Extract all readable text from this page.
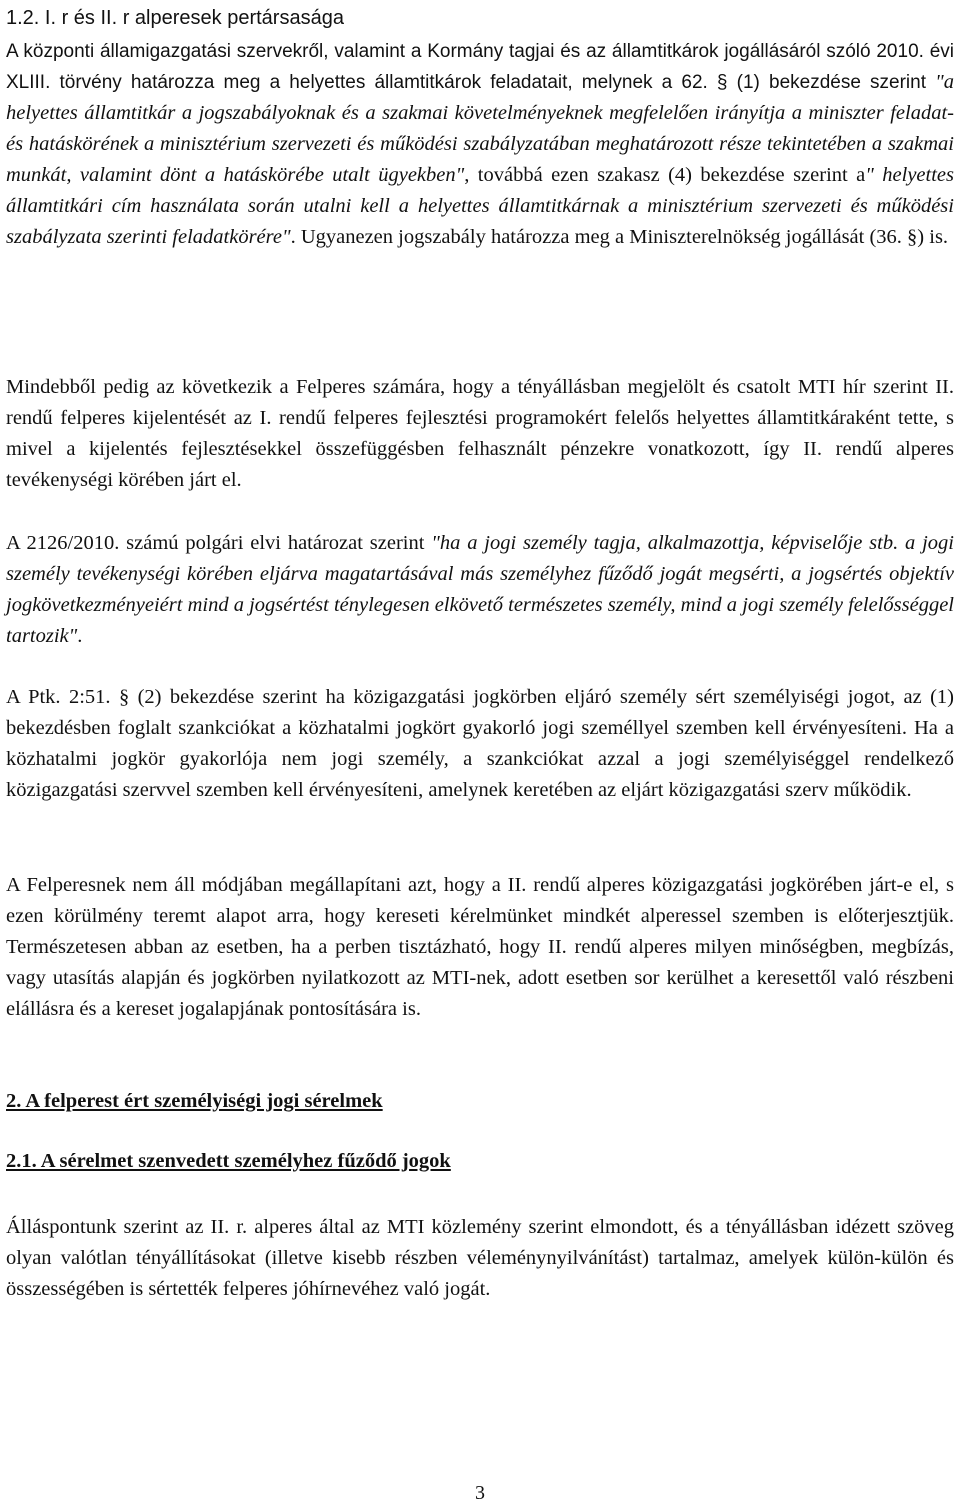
1.2. I. r és II. r alperesek pertársasága

A központi államigazgatási szervekről, valamint a Kormány tagjai és az államtitkárok jogállásáról szóló 2010. évi XLIII. törvény határozza meg a helyettes államtitkárok feladatait, melynek a 62. § (1) bekezdése szerint "a helyettes államtitkár a jogszabályoknak és a szakmai követelményeknek megfelelően irányítja a miniszter feladat- és hatáskörének a minisztérium szervezeti és működési szabályzatában meghatározott része tekintetében a szakmai munkát, valamint dönt a hatáskörébe utalt ügyekben", továbbá ezen szakasz (4) bekezdése szerint a" helyettes államtitkári cím használata során utalni kell a helyettes államtitkárnak a minisztérium szervezeti és működési szabályzata szerinti feladatkörére". Ugyanezen jogszabály határozza meg a Miniszterelnökség jogállását (36. §) is.

Mindebből pedig az következik a Felperes számára, hogy a tényállásban megjelölt és csatolt MTI hír szerint II. rendű felperes kijelentését az I. rendű felperes fejlesztési programokért felelős helyettes államtitkáraként tette, s mivel a kijelentés fejlesztésekkel összefüggésben felhasznált pénzekre vonatkozott, így II. rendű alperes tevékenységi körében járt el.

A 2126/2010. számú polgári elvi határozat szerint "ha a jogi személy tagja, alkalmazottja, képviselője stb. a jogi személy tevékenységi körében eljárva magatartásával más személyhez fűződő jogát megsérti, a jogsértés objektív jogkövetkezményeiért mind a jogsértést ténylegesen elkövető természetes személy, mind a jogi személy felelősséggel tartozik".

A Ptk. 2:51. § (2) bekezdése szerint ha közigazgatási jogkörben eljáró személy sért személyiségi jogot, az (1) bekezdésben foglalt szankciókat a közhatalmi jogkört gyakorló jogi személlyel szemben kell érvényesíteni. Ha a közhatalmi jogkör gyakorlója nem jogi személy, a szankciókat azzal a jogi személyiséggel rendelkező közigazgatási szervvel szemben kell érvényesíteni, amelynek keretében az eljárt közigazgatási szerv működik.

A Felperesnek nem áll módjában megállapítani azt, hogy a II. rendű alperes közigazgatási jogkörében járt-e el, s ezen körülmény teremt alapot arra, hogy kereseti kérelmünket mindkét alperessel szemben is előterjesztjük. Természetesen abban az esetben, ha a perben tisztázható, hogy II. rendű alperes milyen minőségben, megbízás, vagy utasítás alapján és jogkörben nyilatkozott az MTI-nek, adott esetben sor kerülhet a keresettől való részbeni elállásra és a kereset jogalapjának pontosítására is.

2. A felperest ért személyiségi jogi sérelmek
2.1. A sérelmet szenvedett személyhez fűződő jogok

Álláspontunk szerint az II. r. alperes által az MTI közlemény szerint elmondott, és a tényállásban idézett szöveg olyan valótlan tényállításokat (illetve kisebb részben véleménynyilvánítást) tartalmaz, amelyek külön-külön és összességében is sértették felperes jóhírnevéhez való jogát.

3
